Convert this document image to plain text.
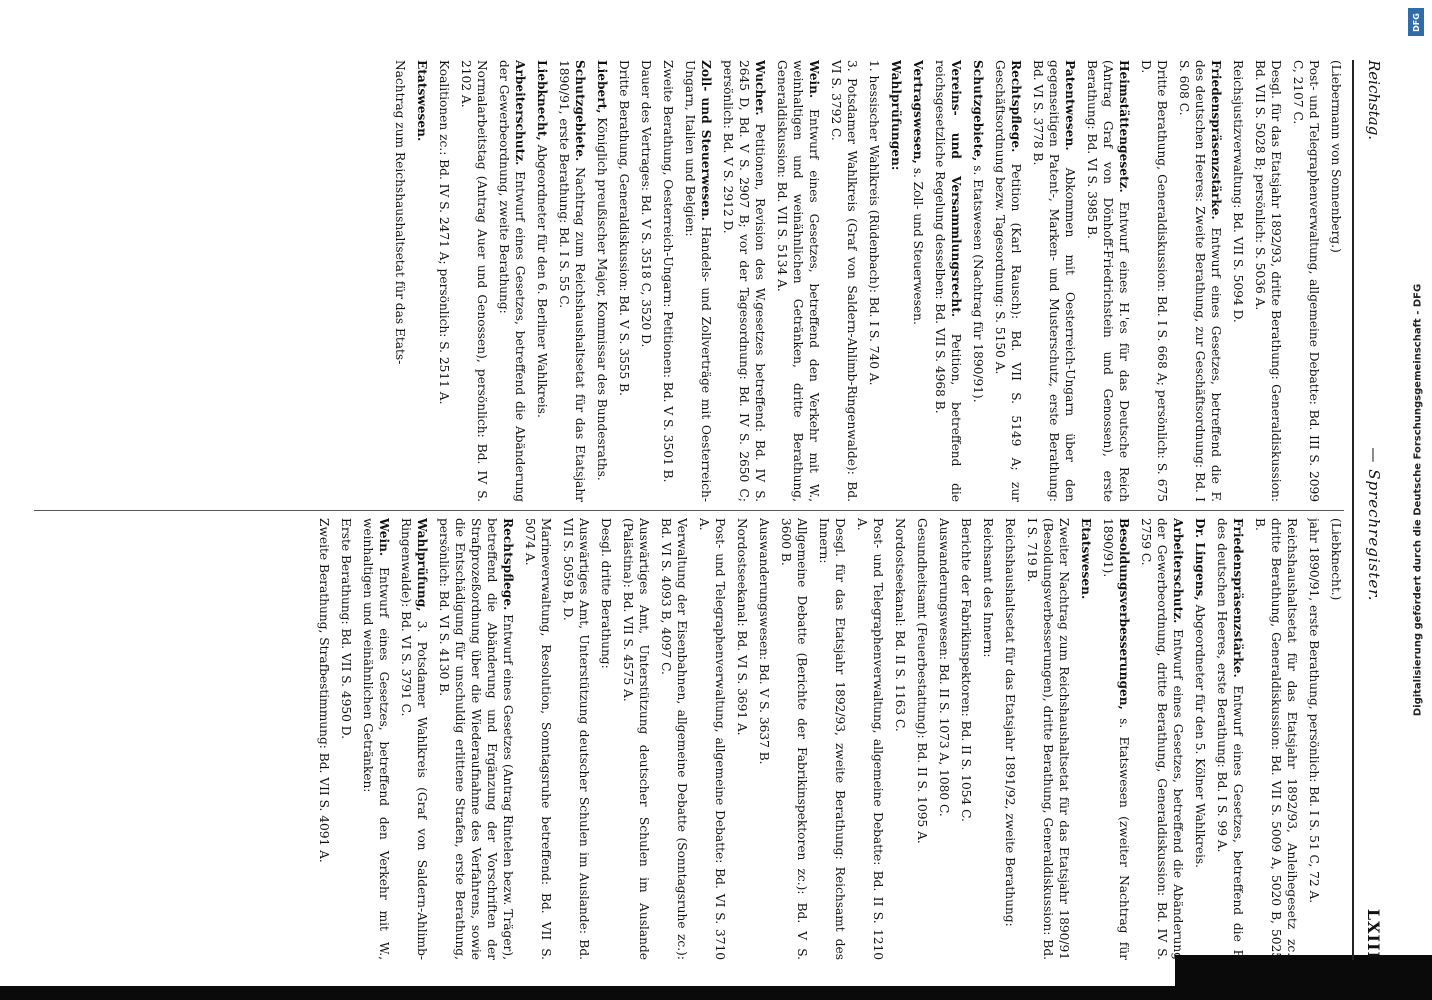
DFG
Digitalisierung gefördert durch die Deutsche Forschungsgemeinschaft - DFG
Reichstag.
— Sprechregister.
LXIII
(Liebermann von Sonnenberg.)
Post- und Telegraphenverwaltung, allgemeine Debatte: Bd. III S. 2099 C, 2107 C.
Desgl. für das Etatsjahr 1892/93, dritte Berathung: Generaldiskussion: Bd. VII S. 5028 B; persönlich: S. 5036 A.
Reichsjustizverwaltung: Bd. VII S. 5094 D.
Friedenspräsenzstärke. Entwurf eines Gesetzes, betreffend die F. des deutschen Heeres: Zweite Berathung, zur Geschäftsordnung: Bd. I S. 608 C.
Dritte Berathung, Generaldiskussion: Bd. I S. 668 A; persönlich: S. 675 D.
Heimstättengesetz. Entwurf eines H.'es für das Deutsche Reich (Antrag Graf von Dönhoff-Friedrichstein und Genossen), erste Berathung: Bd. VI S. 3985 B.
Patentwesen. Abkommen mit Oesterreich-Ungarn über den gegenseitigen Patent-, Marken- und Musterschutz, erste Berathung: Bd. VI S. 3778 B.
Rechtspflege. Petition (Karl Rausch): Bd. VII S. 5149 A; zur Geschäftsordnung bezw. Tagesordnung: S. 5150 A.
Schutzgebiete, s. Etatswesen (Nachtrag für 1890/91).
Vereins- und Versammlungsrecht. Petition, betreffend die reichsgesetzliche Regelung desselben: Bd. VII S. 4968 B.
Vertragswesen, s. Zoll- und Steuerwesen.
Wahlprüfungen:
1. hessischer Wahlkreis (Rüdenbach): Bd. I S. 740 A.
3. Potsdamer Wahlkreis (Graf von Saldern-Ahlimb-Ringenwalde): Bd. VI S. 3792 C.
Wein. Entwurf eines Gesetzes, betreffend den Verkehr mit W., weinhaltigen und weinähnlichen Getränken, dritte Berathung, Generaldiskussion: Bd. VII S. 5134 A.
Wucher. Petitionen, Revision des W.gesetzes betreffend: Bd. IV S. 2645 D, Bd. V S. 2907 B; vor der Tagesordnung: Bd. IV S. 2650 C; persönlich: Bd. V S. 2912 D.
Zoll- und Steuerwesen. Handels- und Zollverträge mit Oesterreich-Ungarn, Italien und Belgien:
Zweite Berathung, Oesterreich-Ungarn: Petitionen: Bd. V S. 3501 B.
Dauer des Vertrages: Bd. V S. 3518 C, 3520 D.
Dritte Berathung, Generaldiskussion: Bd. V S. 3555 B.
Liebert, Königlich preußischer Major, Kommissar des Bundesraths.
Schutzgebiete. Nachtrag zum Reichshaushaltsetat für das Etatsjahr 1890/91, erste Berathung: Bd. I S. 55 C.
Liebknecht, Abgeordneter für den 6. Berliner Wahlkreis.
Arbeiterschutz. Entwurf eines Gesetzes, betreffend die Abänderung der Gewerbeordnung, zweite Berathung:
Normalarbeitstag (Antrag Auer und Genossen), persönlich: Bd. IV S. 2102 A.
Koalitionen zc.: Bd. IV S. 2471 A; persönlich: S. 2511 A.
Etatswesen.
Nachtrag zum Reichshaushaltsetat für das Etats-
(Liebknecht.)
jahr 1890/91, erste Berathung, persönlich: Bd. I S. 51 C, 72 A.
Reichshaushaltsetat für das Etatsjahr 1892/93, Anleihegesetz zc., dritte Berathung, Generaldiskussion: Bd. VII S. 5009 A, 5020 B, 5025 B.
Friedenspräsenzstärke. Entwurf eines Gesetzes, betreffend die F. des deutschen Heeres, erste Berathung: Bd. I S. 99 A.
Dr. Lingens, Abgeordneter für den 5. Kölner Wahlkreis.
Arbeiterschutz. Entwurf eines Gesetzes, betreffend die Abänderung der Gewerbeordnung, dritte Berathung, Generaldiskussion: Bd. IV S. 2759 C.
Besoldungsverbesserungen, s. Etatswesen (zweiter Nachtrag für 1890/91).
Etatswesen.
Zweiter Nachtrag zum Reichshaushaltsetat für das Etatsjahr 1890/91 (Besoldungsverbesserungen), dritte Berathung, Generaldiskussion: Bd. I S. 719 B.
Reichshaushaltsetat für das Etatsjahr 1891/92, zweite Berathung:
Reichsamt des Innern:
Berichte der Fabrikinspektoren: Bd. II S. 1054 C.
Auswanderungswesen: Bd. II S. 1073 A, 1080 C.
Gesundheitsamt (Feuerbestattung): Bd. II S. 1095 A.
Nordostseekanal: Bd. II S. 1163 C.
Post- und Telegraphenverwaltung, allgemeine Debatte: Bd. II S. 1210 A.
Desgl. für das Etatsjahr 1892/93, zweite Berathung: Reichsamt des Innern:
Allgemeine Debatte (Berichte der Fabrikinspektoren zc.): Bd. V S. 3600 B.
Auswanderungswesen: Bd. V S. 3637 B.
Nordostseekanal: Bd. VI S. 3691 A.
Post- und Telegraphenverwaltung, allgemeine Debatte: Bd. VI S. 3710 A.
Verwaltung der Eisenbahnen, allgemeine Debatte (Sonntagsruhe zc.): Bd. VI S. 4093 B, 4097 C.
Auswärtiges Amt, Unterstützung deutscher Schulen im Auslande (Palästina): Bd. VII S. 4575 A.
Desgl. dritte Berathung:
Auswärtiges Amt, Unterstützung deutscher Schulen im Auslande: Bd. VII S. 5059 B, D.
Marineverwaltung, Resolution, Sonntagsruhe betreffend: Bd. VII S. 5074 A.
Rechtspflege. Entwurf eines Gesetzes (Antrag Rintelen bezw. Träger), betreffend die Abänderung und Ergänzung der Vorschriften der Strafprozeßordnung über die Wiederaufnahme des Verfahrens, sowie die Entschädigung für unschuldig erlittene Strafen, erste Berathung, persönlich: Bd. VI S. 4130 B.
Wahlprüfung, 3. Potsdamer Wahlkreis (Graf von Saldern-Ahlimb-Ringenwalde): Bd. VI S. 3791 C.
Wein. Entwurf eines Gesetzes, betreffend den Verkehr mit W., weinhaltigen und weinähnlichen Getränken:
Erste Berathung: Bd. VII S. 4950 D.
Zweite Berathung, Strafbestimmung: Bd. VII S. 4091 A.
